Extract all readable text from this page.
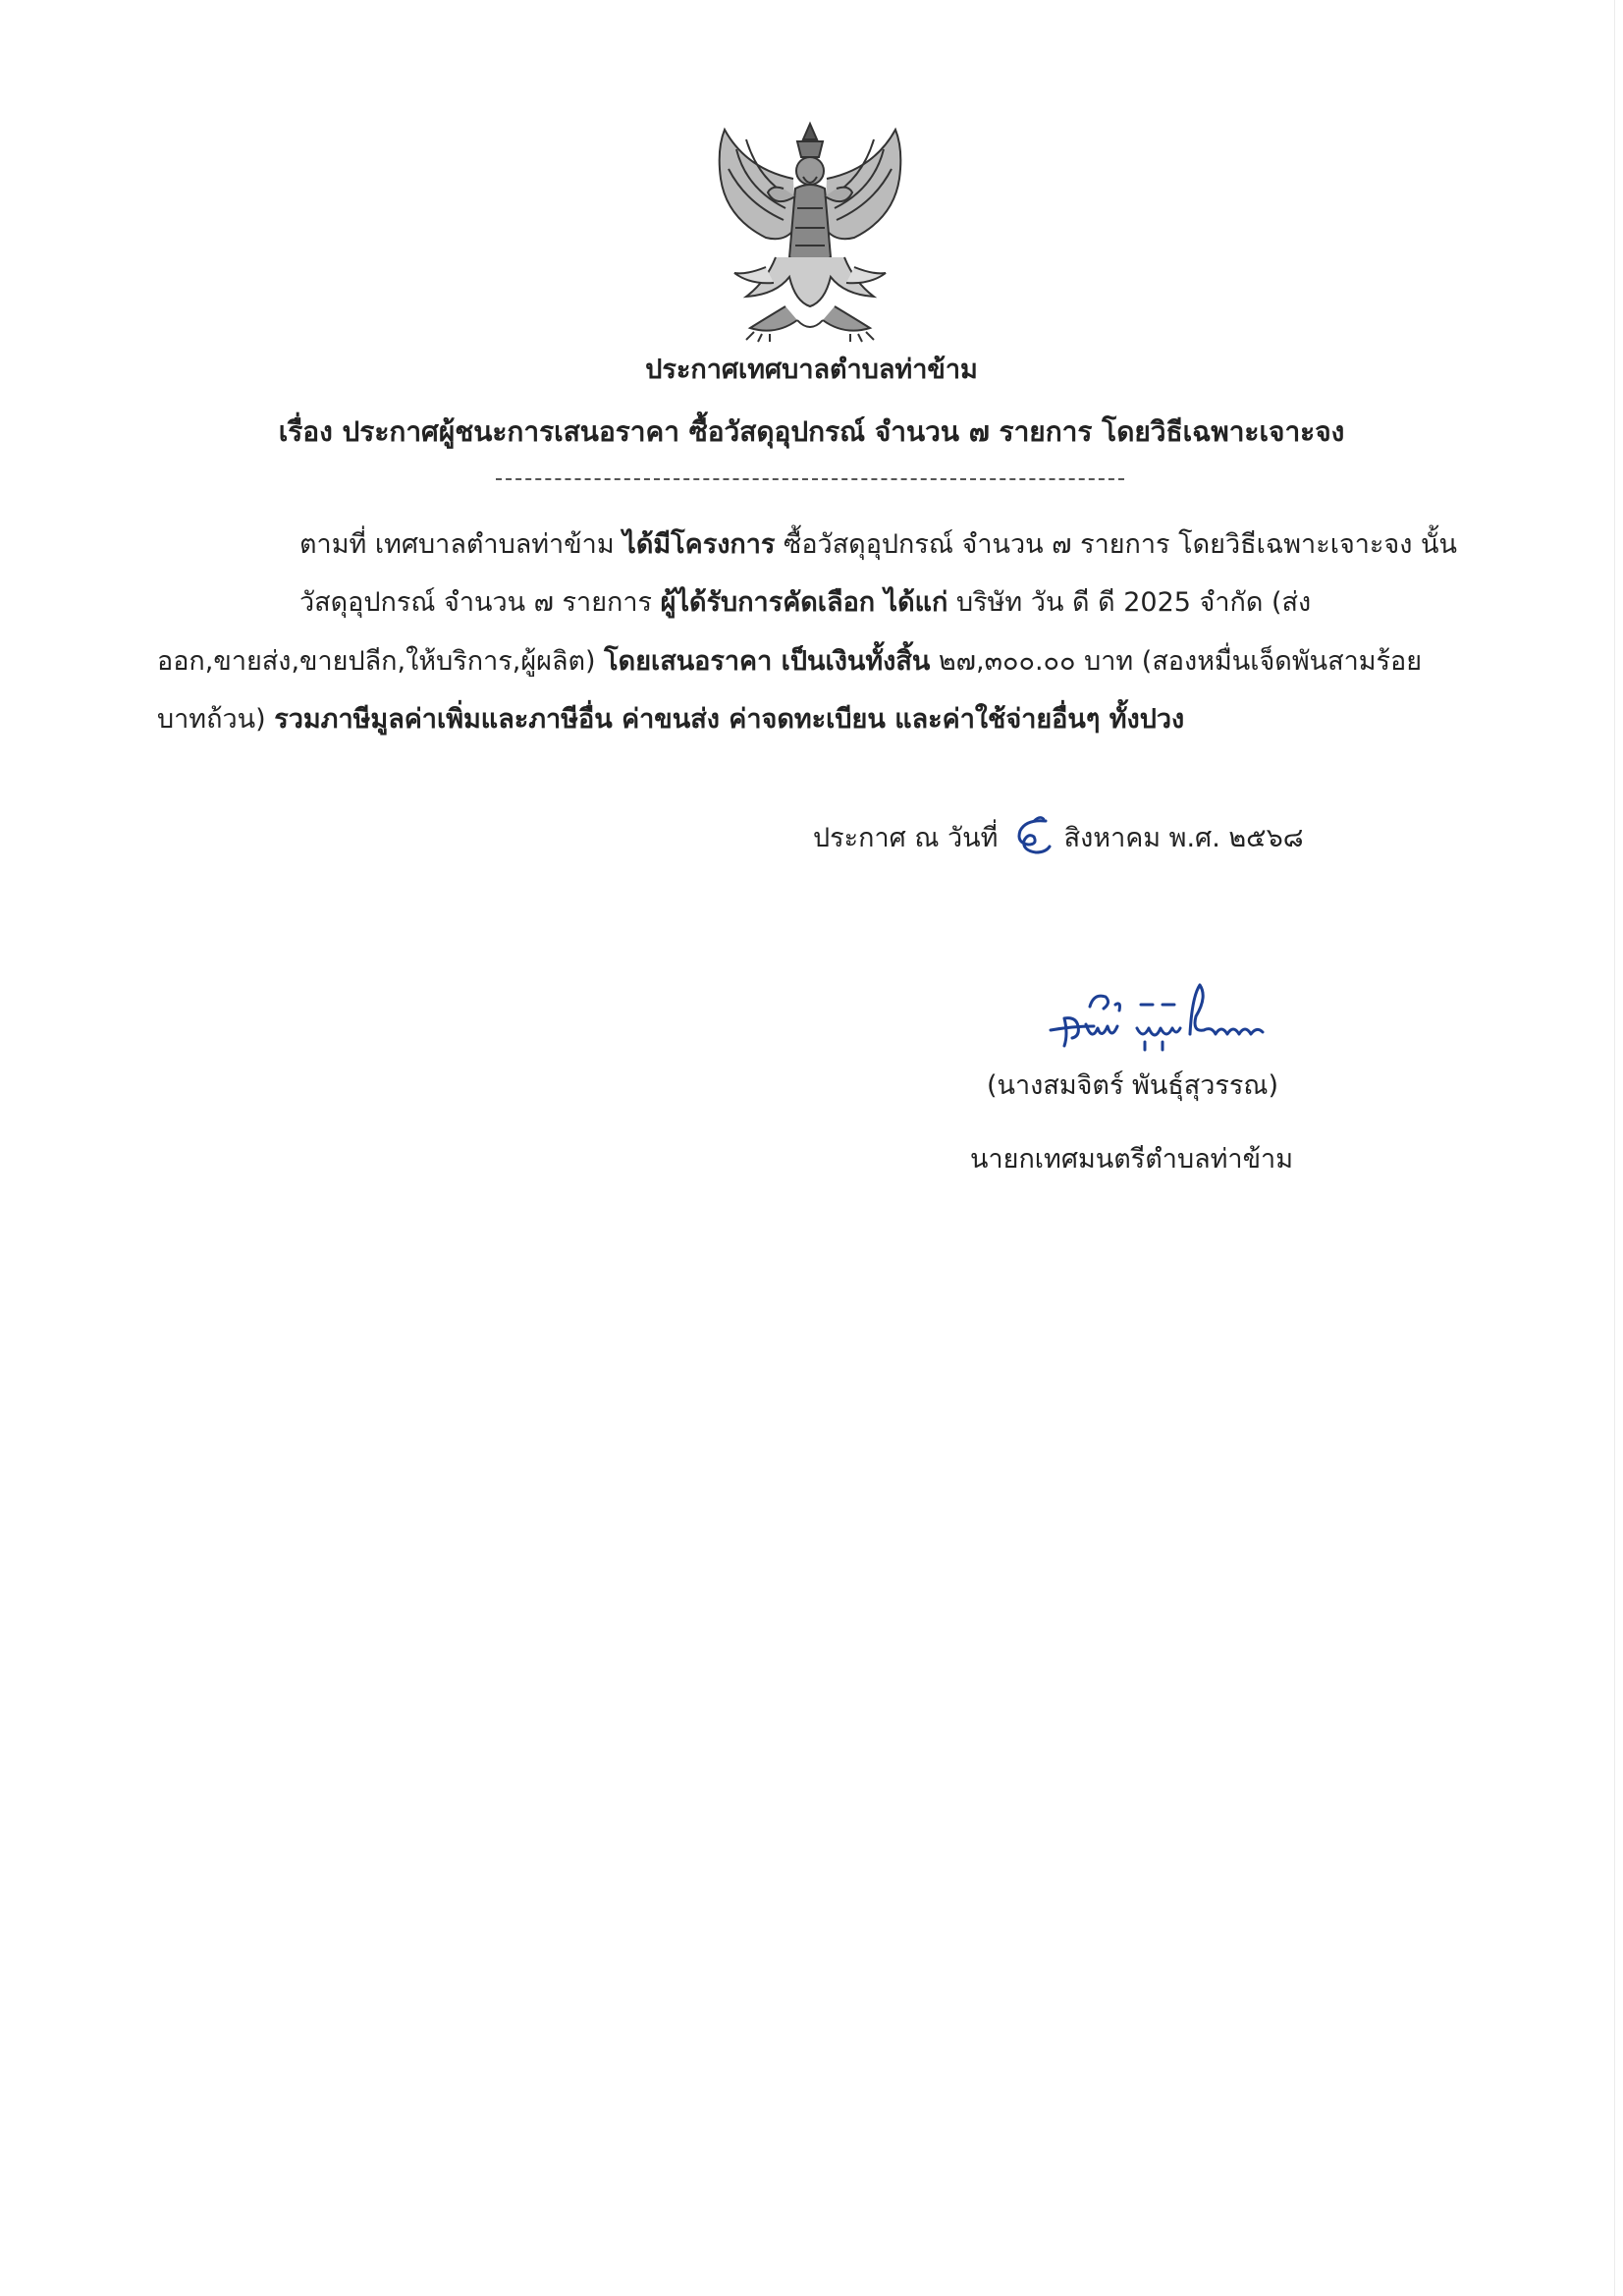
ประกาศเทศบาลตำบลท่าข้าม
เรื่อง ประกาศผู้ชนะการเสนอราคา ซื้อวัสดุอุปกรณ์ จำนวน ๗ รายการ โดยวิธีเฉพาะเจาะจง
ตามที่ เทศบาลตำบลท่าข้าม ได้มีโครงการ ซื้อวัสดุอุปกรณ์ จำนวน ๗ รายการ โดยวิธีเฉพาะเจาะจง นั้น
วัสดุอุปกรณ์ จำนวน ๗ รายการ ผู้ได้รับการคัดเลือก ได้แก่ บริษัท วัน ดี ดี 2025 จำกัด (ส่ง
ออก,ขายส่ง,ขายปลีก,ให้บริการ,ผู้ผลิต) โดยเสนอราคา เป็นเงินทั้งสิ้น ๒๗,๓๐๐.๐๐ บาท (สองหมื่นเจ็ดพันสามร้อย
บาทถ้วน) รวมภาษีมูลค่าเพิ่มและภาษีอื่น ค่าขนส่ง ค่าจดทะเบียน และค่าใช้จ่ายอื่นๆ ทั้งปวง
ประกาศ ณ วันที่ สิงหาคม พ.ศ. ๒๕๖๘
(นางสมจิตร์ พันธุ์สุวรรณ)
นายกเทศมนตรีตำบลท่าข้าม
